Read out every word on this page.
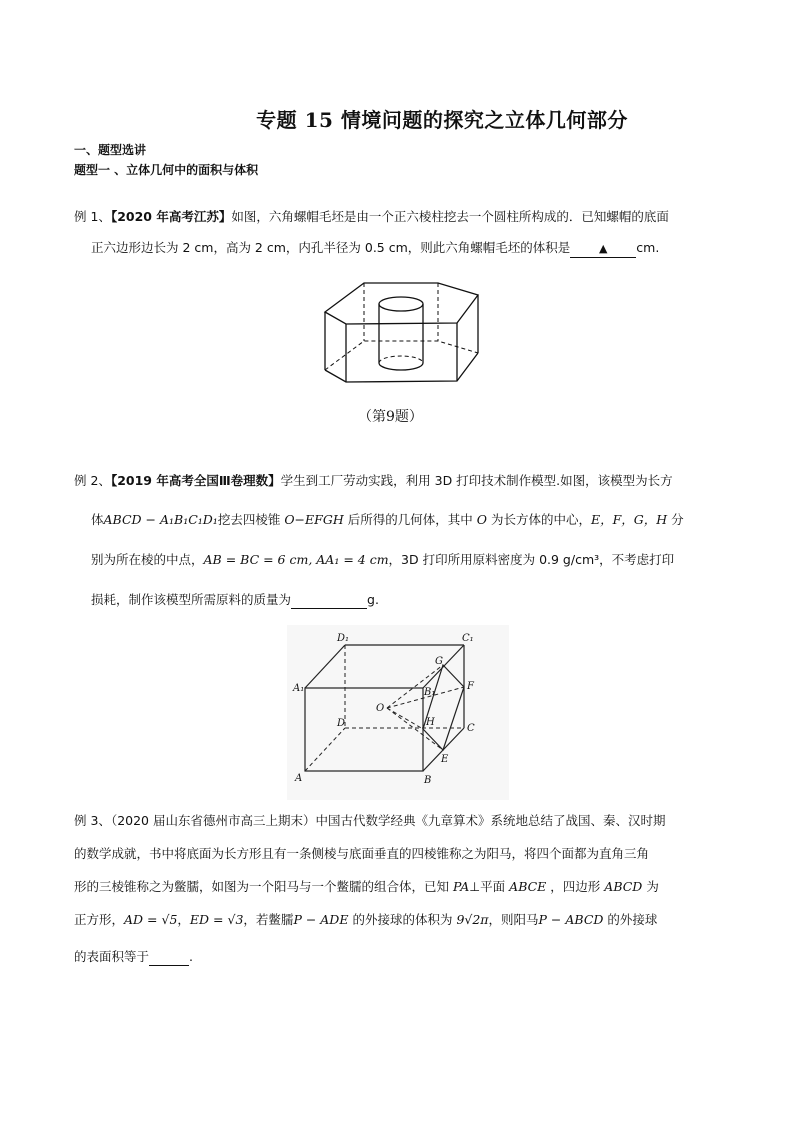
专题 15 情境问题的探究之立体几何部分
一、题型选讲
题型一 、立体几何中的面积与体积
例 1、【2020 年高考江苏】如图，六角螺帽毛坯是由一个正六棱柱挖去一个圆柱所构成的．已知螺帽的底面
正六边形边长为 2 cm，高为 2 cm，内孔半径为 0.5 cm，则此六角螺帽毛坯的体积是	▲ cm.
（第9题）
例 2、【2019 年高考全国Ⅲ卷理数】学生到工厂劳动实践，利用 3D 打印技术制作模型.如图，该模型为长方
体ABCD − A₁B₁C₁D₁挖去四棱锥 O−EFGH 后所得的几何体，其中 O 为长方体的中心，E，F，G，H 分
别为所在棱的中点，AB = BC = 6 cm, AA₁ = 4 cm，3D 打印所用原料密度为 0.9 g/cm³，不考虑打印
损耗，制作该模型所需原料的质量为	g.
D₁	C₁
A₁	B₁
G
F
O
H
D	C
B
E
A
例 3、（2020 届山东省德州市高三上期末）中国古代数学经典《九章算术》系统地总结了战国、秦、汉时期
的数学成就，书中将底面为长方形且有一条侧棱与底面垂直的四棱锥称之为阳马，将四个面都为直角三角
形的三棱锥称之为鳖臑，如图为一个阳马与一个鳖臑的组合体，已知 PA⊥平面 ABCE ，四边形 ABCD 为
正方形，AD = √5，ED = √3，若鳖臑P − ADE 的外接球的体积为 9√2π，则阳马P − ABCD 的外接球
的表面积等于	.
